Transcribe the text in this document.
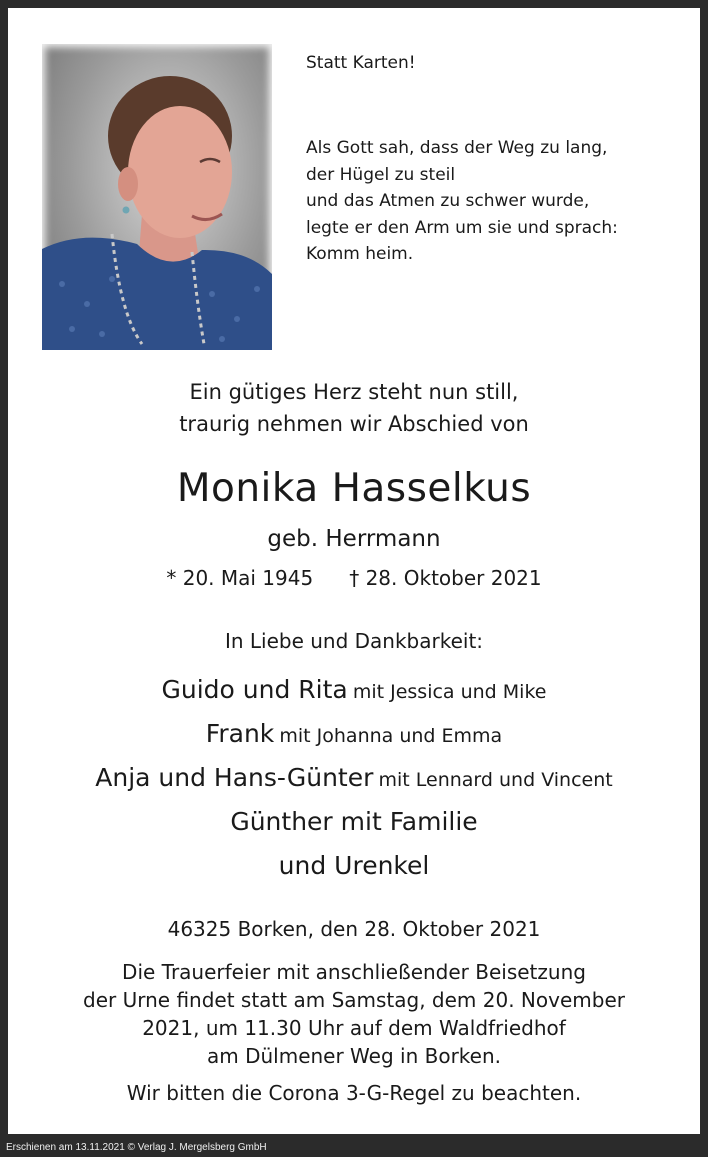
Statt Karten!
Als Gott sah, dass der Weg zu lang,
der Hügel zu steil
und das Atmen zu schwer wurde,
legte er den Arm um sie und sprach:
Komm heim.
Ein gütiges Herz steht nun still,
traurig nehmen wir Abschied von
Monika Hasselkus
geb. Herrmann
* 20. Mai 1945 † 28. Oktober 2021
In Liebe und Dankbarkeit:
Guido und Rita mit Jessica und Mike
Frank mit Johanna und Emma
Anja und Hans-Günter mit Lennard und Vincent
Günther mit Familie
und Urenkel
46325 Borken, den 28. Oktober 2021
Die Trauerfeier mit anschließender Beisetzung
der Urne findet statt am Samstag, dem 20. November
2021, um 11.30 Uhr auf dem Waldfriedhof
am Dülmener Weg in Borken.
Wir bitten die Corona 3-G-Regel zu beachten.
Erschienen am 13.11.2021 © Verlag J. Mergelsberg GmbH
